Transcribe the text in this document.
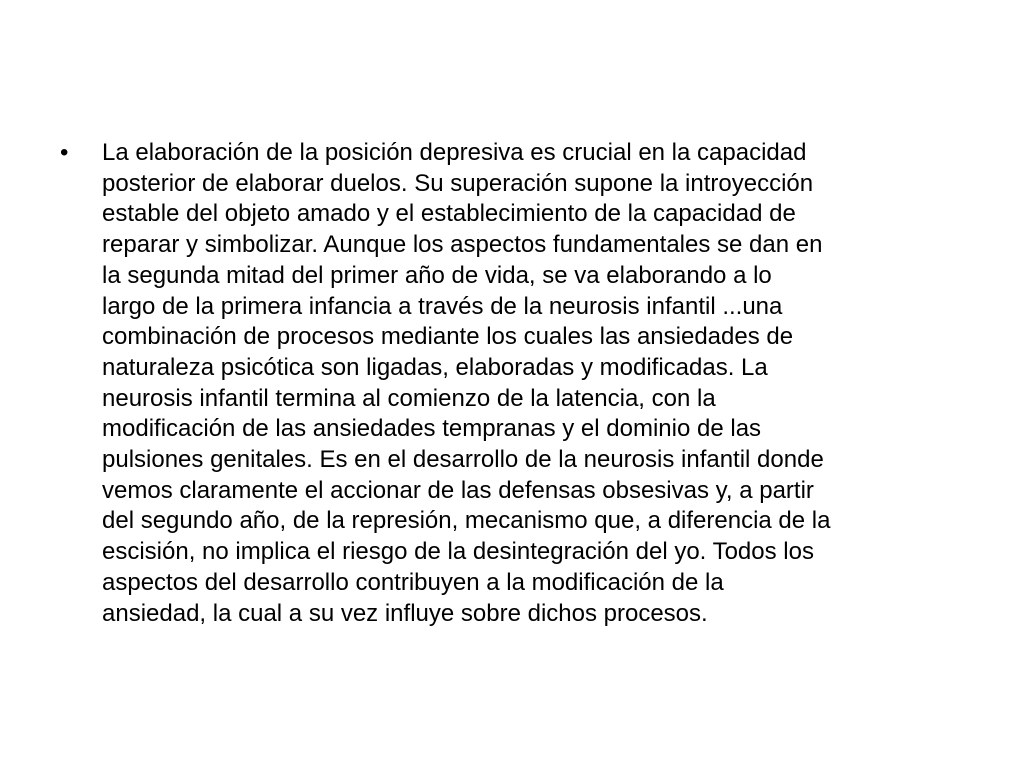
•	La elaboración de la posición depresiva es crucial en la capacidad
posterior de elaborar duelos. Su superación supone la introyección
estable del objeto amado y el establecimiento de la capacidad de
reparar y simbolizar. Aunque los aspectos fundamentales se dan en
la segunda mitad del primer año de vida, se va elaborando a lo
largo de la primera infancia a través de la neurosis infantil ...una
combinación de procesos mediante los cuales las ansiedades de
naturaleza psicótica son ligadas, elaboradas y modificadas. La
neurosis infantil termina al comienzo de la latencia, con la
modificación de las ansiedades tempranas y el dominio de las
pulsiones genitales. Es en el desarrollo de la neurosis infantil donde
vemos claramente el accionar de las defensas obsesivas y, a partir
del segundo año, de la represión, mecanismo que, a diferencia de la
escisión, no implica el riesgo de la desintegración del yo. Todos los
aspectos del desarrollo contribuyen a la modificación de la
ansiedad, la cual a su vez influye sobre dichos procesos.
